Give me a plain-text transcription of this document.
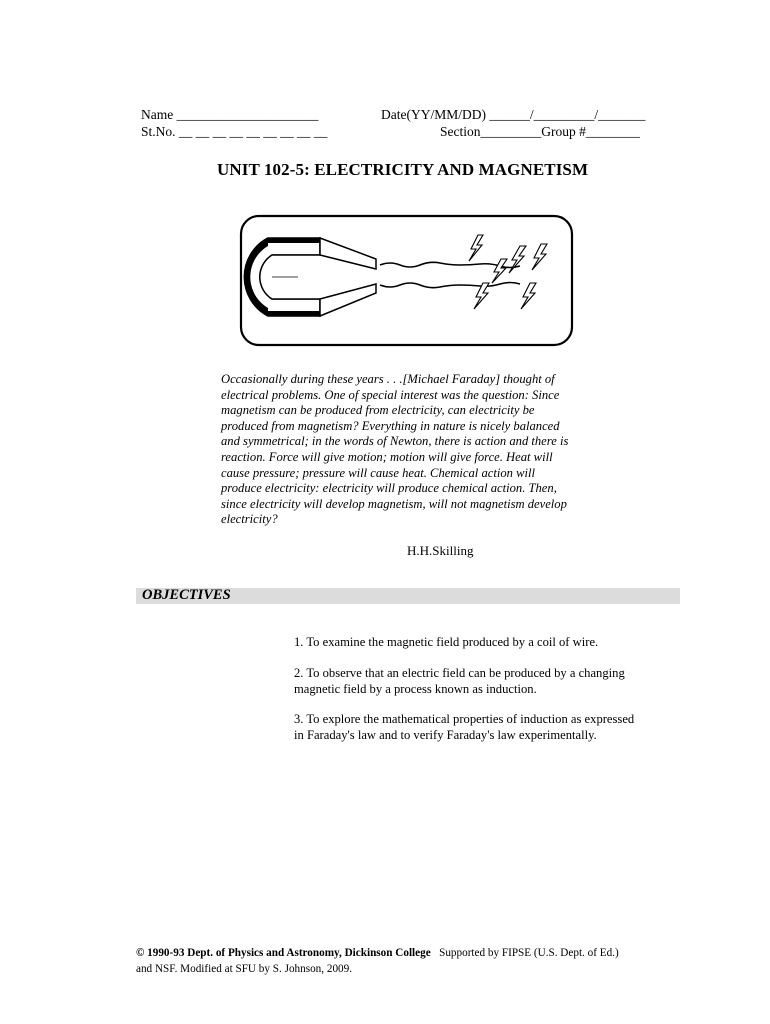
Name _____________________
St.No. __ __ __ __ __ __ __ __ __
Date(YY/MM/DD) ______/_________/_______
Section_________Group #________
UNIT 102-5: ELECTRICITY AND MAGNETISM

Occasionally during these years . . .[Michael Faraday] thought of

electrical problems. One of special interest was the question: Since

magnetism can be produced from electricity, can electricity be

produced from magnetism? Everything in nature is nicely balanced

and symmetrical; in the words of Newton, there is action and there is

reaction. Force will give motion; motion will give force. Heat will

cause pressure; pressure will cause heat. Chemical action will

produce electricity: electricity will produce chemical action. Then,

since electricity will develop magnetism, will not magnetism develop

electricity?

H.H.Skilling
OBJECTIVES
1. To examine the magnetic field produced by a coil of wire.
2. To observe that an electric field can be produced by a changing
magnetic field by a process known as induction.
3. To explore the mathematical properties of induction as expressed
in Faraday's law and to verify Faraday's law experimentally.
© 1990-93 Dept. of Physics and Astronomy, Dickinson College Supported by FIPSE (U.S. Dept. of Ed.)
and NSF. Modified at SFU by S. Johnson, 2009.
